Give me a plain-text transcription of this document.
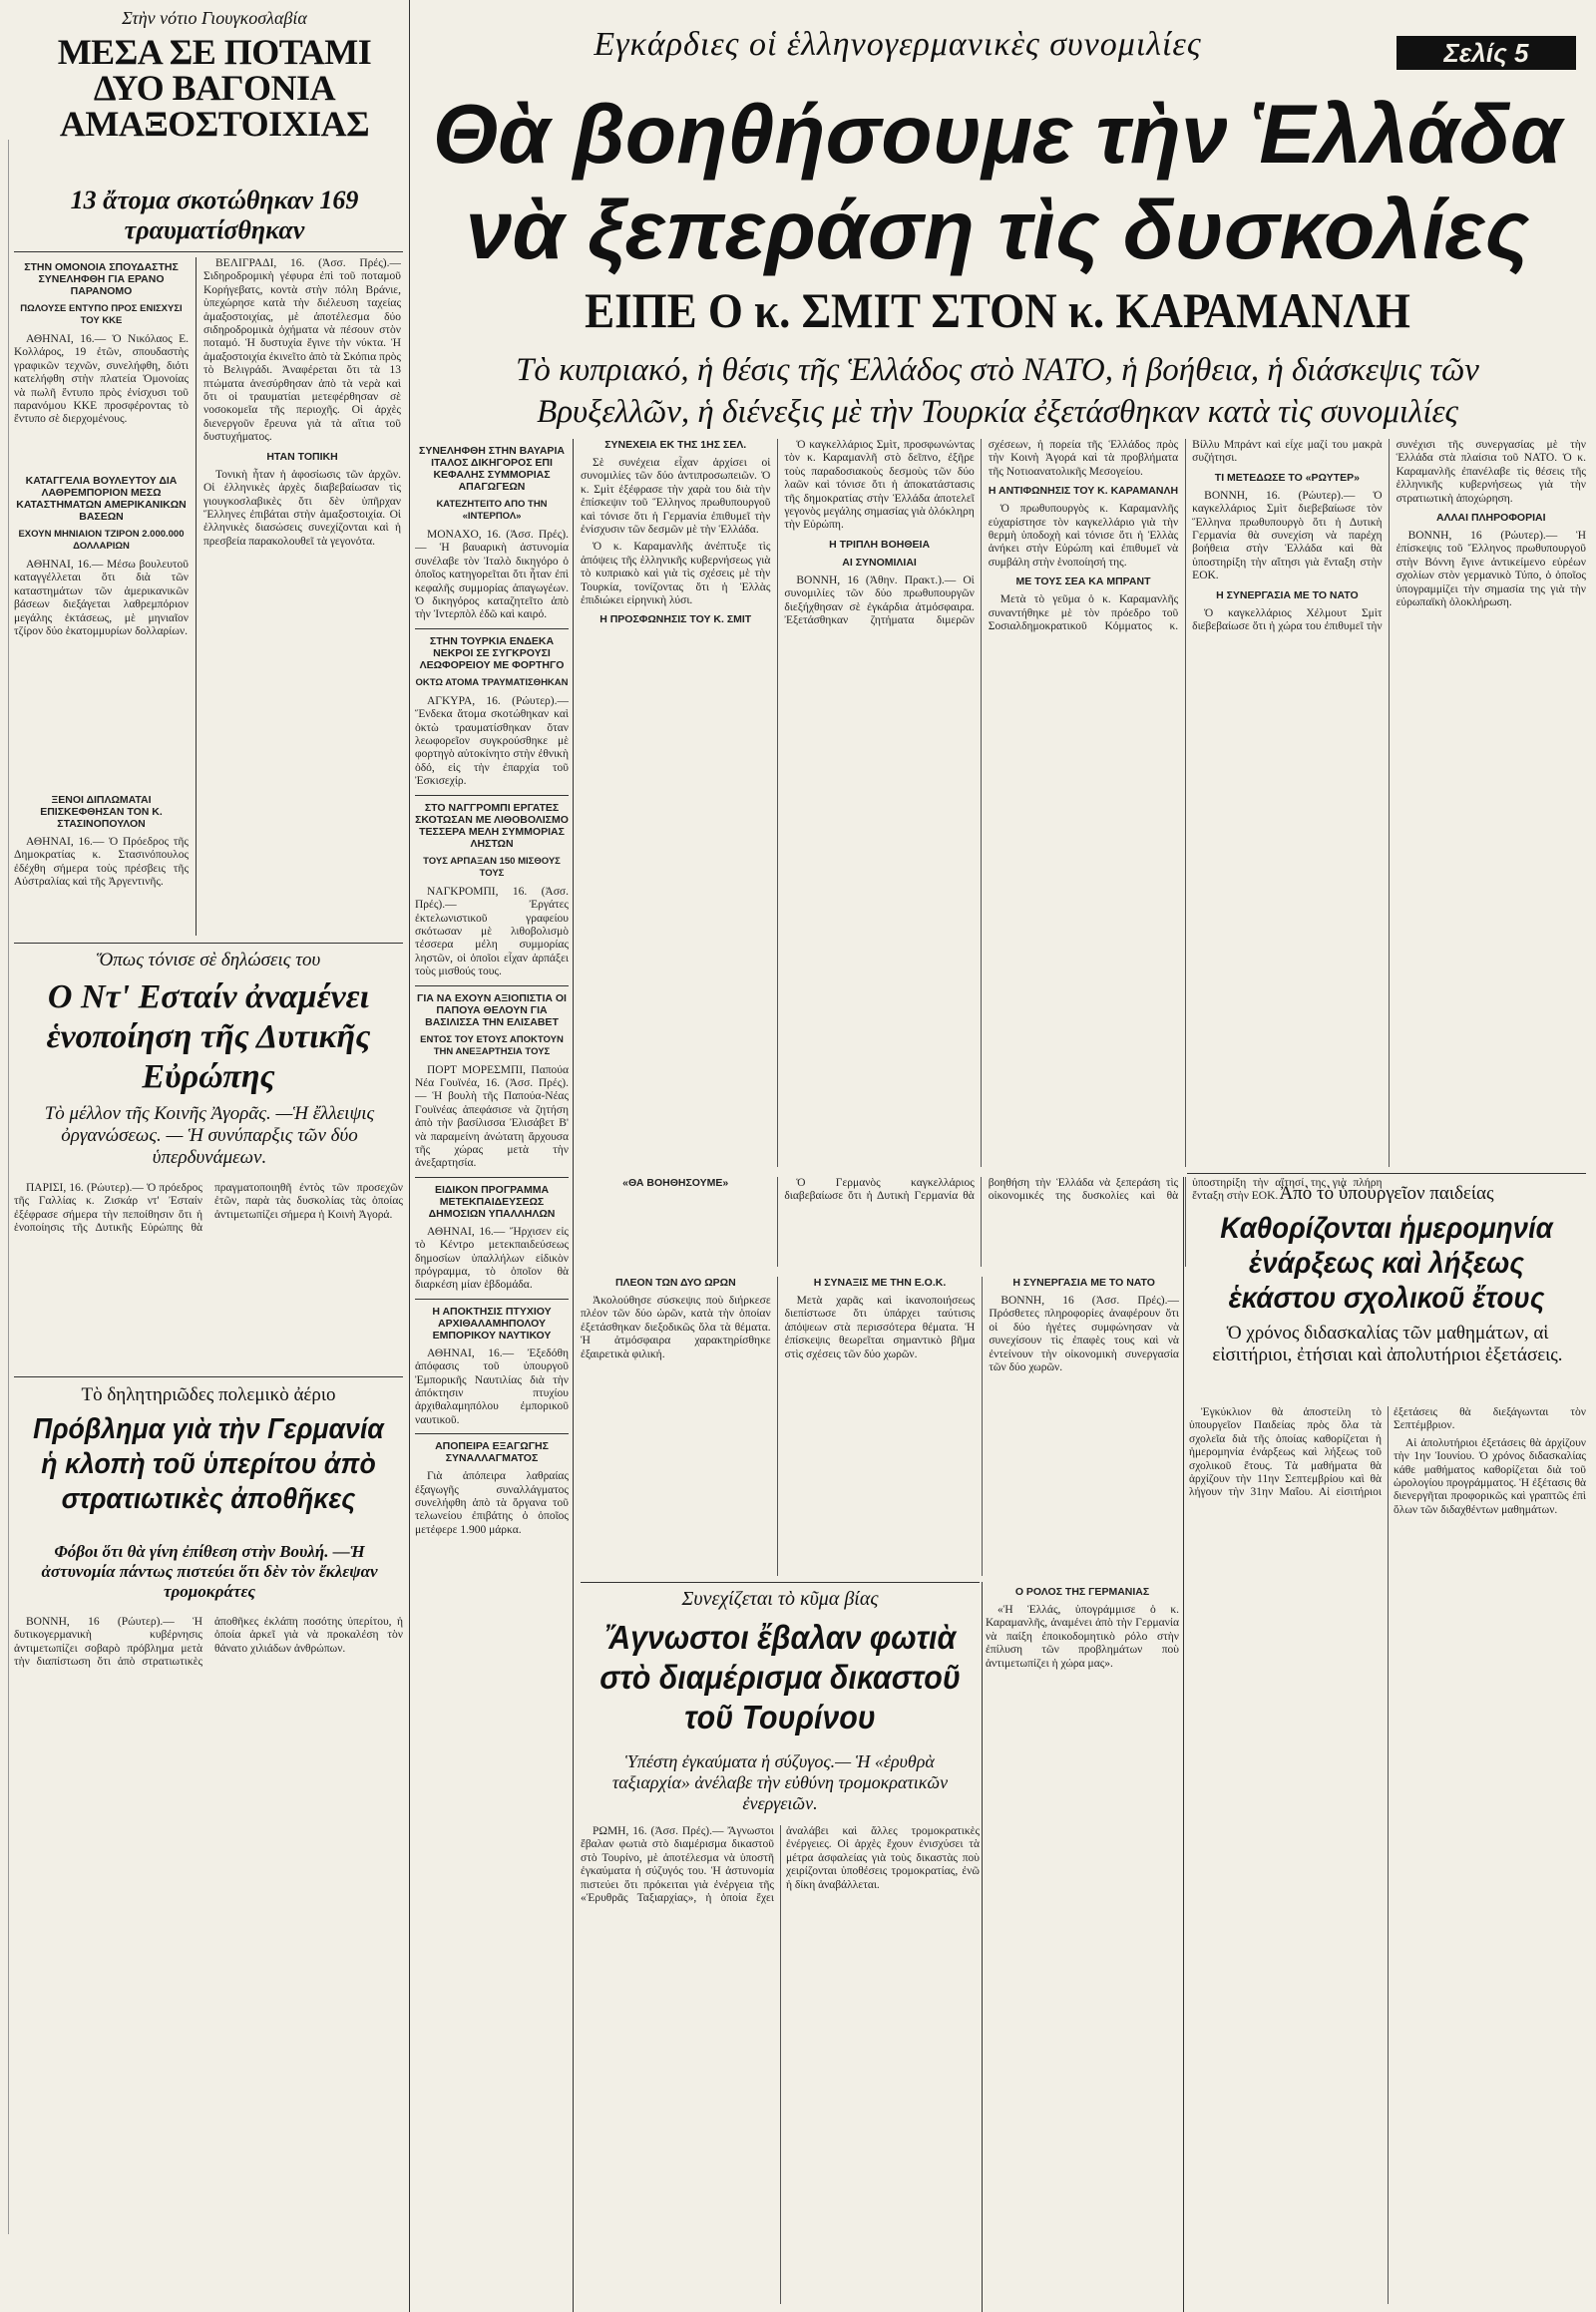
Στὴν νότιο Γιουγκοσλαβία
ΜΕΣΑ ΣΕ ΠΟΤΑΜΙ ΔΥΟ ΒΑΓΟΝΙΑ ΑΜΑΞΟΣΤΟΙΧΙΑΣ
13 ἄτομα σκοτώθηκαν 169 τραυματίσθηκαν
ΣΤΗΝ ΟΜΟΝΟΙΑ ΣΠΟΥΔΑΣΤΗΣ ΣΥΝΕΛΗΦΘΗ ΓΙΑ ΕΡΑΝΟ ΠΑΡΑΝΟΜΟ
ΠΩΛΟΥΣΕ ΕΝΤΥΠΟ ΠΡΟΣ ΕΝΙΣΧΥΣΙ ΤΟΥ ΚΚΕ

ΑΘΗΝΑΙ, 16.— Ὁ Νικόλαος Ε. Κολλάρος, 19 ἐτῶν, σπουδαστὴς γραφικῶν τεχνῶν, συνελήφθη, διότι κατελήφθη στὴν πλατεία Ὁμονοίας νὰ πωλῆ ἔντυπο πρὸς ἐνίσχυσι τοῦ παρανόμου ΚΚΕ προσφέροντας τὸ ἔντυπο σὲ διερχομένους.

ΚΑΤΑΓΓΕΛΙΑ ΒΟΥΛΕΥΤΟΥ ΔΙΑ ΛΑΘΡΕΜΠΟΡΙΟΝ ΜΕΣΩ ΚΑΤΑΣΤΗΜΑΤΩΝ ΑΜΕΡΙΚΑΝΙΚΩΝ ΒΑΣΕΩΝ
ΕΧΟΥΝ ΜΗΝΙΑΙΟΝ ΤΖΙΡΟΝ 2.000.000 ΔΟΛΛΑΡΙΩΝ

ΑΘΗΝΑΙ, 16.— Μέσω βουλευτοῦ καταγγέλλεται ὅτι διὰ τῶν καταστημάτων τῶν ἀμερικανικῶν βάσεων διεξάγεται λαθρεμπόριον μεγάλης ἐκτάσεως, μὲ μηνιαῖον τζίρον δύο ἑκατομμυρίων δολλαρίων.

ΞΕΝΟΙ ΔΙΠΛΩΜΑΤΑΙ ΕΠΙΣΚΕΦΘΗΣΑΝ ΤΟΝ Κ. ΣΤΑΣΙΝΟΠΟΥΛΟΝ

ΑΘΗΝΑΙ, 16.— Ὁ Πρόεδρος τῆς Δημοκρατίας κ. Στασινόπουλος ἐδέχθη σήμερα τοὺς πρέσβεις τῆς Αὐστραλίας καὶ τῆς Ἀργεντινῆς.

ΒΕΛΙΓΡΑΔΙ, 16. (Ἀσσ. Πρές).— Σιδηροδρομικὴ γέφυρα ἐπὶ τοῦ ποταμοῦ Κορήγεβατς, κοντὰ στὴν πόλη Βράνιε, ὑπεχώρησε κατὰ τὴν διέλευση ταχείας ἁμαξοστοιχίας, μὲ ἀποτέλεσμα δύο σιδηροδρομικὰ ὀχήματα νὰ πέσουν στὸν ποταμό. Ἡ δυστυχία ἔγινε τὴν νύκτα. Ἡ ἁμαξοστοιχία ἐκινεῖτο ἀπὸ τὰ Σκόπια πρὸς τὸ Βελιγράδι. Ἀναφέρεται ὅτι τὰ 13 πτώματα ἀνεσύρθησαν ἀπὸ τὰ νερὰ καὶ ὅτι οἱ τραυματίαι μετεφέρθησαν σὲ νοσοκομεῖα τῆς περιοχῆς. Οἱ ἀρχὲς διενεργοῦν ἔρευνα γιὰ τὰ αἴτια τοῦ δυστυχήματος.

ΗΤΑΝ ΤΟΠΙΚΗ

Τονικὴ ἦταν ἡ ἀφοσίωσις τῶν ἀρχῶν. Οἱ ἐλληνικὲς ἀρχὲς διαβεβαίωσαν τὶς γιουγκοσλαβικὲς ὅτι δὲν ὑπῆρχαν Ἕλληνες ἐπιβάται στὴν ἁμαξοστοιχία. Οἱ ἑλληνικὲς διασώσεις συνεχίζονται καὶ ἡ πρεσβεία παρακολουθεῖ τὰ γεγονότα.

Ὅπως τόνισε σὲ δηλώσεις του
Ο Ντ' Εσταίν ἀναμένει ἑνοποίηση τῆς Δυτικῆς Εὐρώπης
Τὸ μέλλον τῆς Κοινῆς Ἀγορᾶς. —Ἡ ἔλλειψις ὀργανώσεως. — Ἡ συνύπαρξις τῶν δύο ὑπερδυνάμεων.

ΠΑΡΙΣΙ, 16. (Ρώυτερ).— Ὁ πρόεδρος τῆς Γαλλίας κ. Ζισκάρ ντ' Ἐσταίν ἐξέφρασε σήμερα τὴν πεποίθησιν ὅτι ἡ ἑνοποίησις τῆς Δυτικῆς Εὐρώπης θὰ πραγματοποιηθῆ ἐντὸς τῶν προσεχῶν ἐτῶν, παρὰ τὰς δυσκολίας τὰς ὁποίας ἀντιμετωπίζει σήμερα ἡ Κοινὴ Ἀγορά.

Τὸ δηλητηριῶδες πολεμικὸ ἀέριο
Πρόβλημα γιὰ τὴν Γερμανία ἡ κλοπὴ τοῦ ὑπερίτου ἀπὸ στρατιωτικὲς ἀποθῆκες
Φόβοι ὅτι θὰ γίνη ἐπίθεση στὴν Βουλή. —Ἡ ἀστυνομία πάντως πιστεύει ὅτι δὲν τὸν ἔκλεψαν τρομοκράτες

ΒΟΝΝΗ, 16 (Ρώυτερ).— Ἡ δυτικογερμανικὴ κυβέρνησις ἀντιμετωπίζει σοβαρὸ πρόβλημα μετὰ τὴν διαπίστωση ὅτι ἀπὸ στρατιωτικὲς ἀποθῆκες ἐκλάπη ποσότης ὑπερίτου, ἡ ὁποία ἀρκεῖ γιὰ νὰ προκαλέση τὸν θάνατο χιλιάδων ἀνθρώπων.

Εγκάρδιες οἱ ἑλληνογερμανικὲς συνομιλίες	Σελίς 5
Θὰ βοηθήσουμε τὴν Ἑλλάδα
νὰ ξεπεράση τὶς δυσκολίες
ΕΙΠΕ Ο κ. ΣΜΙΤ ΣΤΟΝ κ. ΚΑΡΑΜΑΝΛΗ
Τὸ κυπριακό, ἡ θέσις τῆς Ἑλλάδος στὸ ΝΑΤΟ, ἡ βοήθεια, ἡ διάσκεψις τῶν Βρυξελλῶν, ἡ διένεξις μὲ τὴν Τουρκία ἐξετάσθηκαν κατὰ τὶς συνομιλίες
ΣΥΝΕΛΗΦΘΗ ΣΤΗΝ ΒΑΥΑΡΙΑ ΙΤΑΛΟΣ ΔΙΚΗΓΟΡΟΣ ΕΠΙ ΚΕΦΑΛΗΣ ΣΥΜΜΟΡΙΑΣ ΑΠΑΓΩΓΕΩΝ
ΚΑΤΕΖΗΤΕΙΤΟ ΑΠΟ ΤΗΝ «ΙΝΤΕΡΠΟΛ»

ΜΟΝΑΧΟ, 16. (Ἀσσ. Πρές).— Ἡ βαυαρικὴ ἀστυνομία συνέλαβε τὸν Ἰταλὸ δικηγόρο ὁ ὁποῖος κατηγορεῖται ὅτι ἦταν ἐπὶ κεφαλῆς συμμορίας ἀπαγωγέων. Ὁ δικηγόρος καταζητεῖτο ἀπὸ τὴν Ἰντερπὸλ ἐδῶ καὶ καιρό.

ΣΤΗΝ ΤΟΥΡΚΙΑ ΕΝΔΕΚΑ ΝΕΚΡΟΙ ΣΕ ΣΥΓΚΡΟΥΣΙ ΛΕΩΦΟΡΕΙΟΥ ΜΕ ΦΟΡΤΗΓΟ
ΟΚΤΩ ΑΤΟΜΑ ΤΡΑΥΜΑΤΙΣΘΗΚΑΝ

ΑΓΚΥΡΑ, 16. (Ρώυτερ).— Ἕνδεκα ἄτομα σκοτώθηκαν καὶ ὀκτὼ τραυματίσθηκαν ὅταν λεωφορεῖον συγκρούσθηκε μὲ φορτηγὸ αὐτοκίνητο στὴν ἐθνικὴ ὁδό, εἰς τὴν ἐπαρχία τοῦ Ἐσκισεχίρ.

ΣΤΟ ΝΑΓΓΡΟΜΠΙ ΕΡΓΑΤΕΣ ΣΚΟΤΩΣΑΝ ΜΕ ΛΙΘΟΒΟΛΙΣΜΟ ΤΕΣΣΕΡΑ ΜΕΛΗ ΣΥΜΜΟΡΙΑΣ ΛΗΣΤΩΝ
ΤΟΥΣ ΑΡΠΑΞΑΝ 150 ΜΙΣΘΟΥΣ ΤΟΥΣ

ΝΑΓΚΡΟΜΠΙ, 16. (Ἀσσ. Πρές).— Ἐργάτες ἐκτελωνιστικοῦ γραφείου σκότωσαν μὲ λιθοβολισμὸ τέσσερα μέλη συμμορίας ληστῶν, οἱ ὁποῖοι εἶχαν ἁρπάξει τοὺς μισθούς τους.

ΓΙΑ ΝΑ ΕΧΟΥΝ ΑΞΙΟΠΙΣΤΙΑ ΟΙ ΠΑΠΟΥΑ ΘΕΛΟΥΝ ΓΙΑ ΒΑΣΙΛΙΣΣΑ ΤΗΝ ΕΛΙΣΑΒΕΤ
ΕΝΤΟΣ ΤΟΥ ΕΤΟΥΣ ΑΠΟΚΤΟΥΝ ΤΗΝ ΑΝΕΞΑΡΤΗΣΙΑ ΤΟΥΣ

ΠΟΡΤ ΜΟΡΕΣΜΠΙ, Παπούα Νέα Γουϊνέα, 16. (Ἀσσ. Πρές).— Ἡ βουλὴ τῆς Παπούα-Νέας Γουϊνέας ἀπεφάσισε νὰ ζητήση ἀπὸ τὴν βασίλισσα Ἐλισάβετ Β' νὰ παραμείνη ἀνώτατη ἄρχουσα τῆς χώρας μετὰ τὴν ἀνεξαρτησία.

ΕΙΔΙΚΟΝ ΠΡΟΓΡΑΜΜΑ ΜΕΤΕΚΠΑΙΔΕΥΣΕΩΣ ΔΗΜΟΣΙΩΝ ΥΠΑΛΛΗΛΩΝ

ΑΘΗΝΑΙ, 16.— Ἤρχισεν εἰς τὸ Κέντρο μετεκπαιδεύσεως δημοσίων ὑπαλλήλων εἰδικὸν πρόγραμμα, τὸ ὁποῖον θὰ διαρκέση μίαν ἑβδομάδα.

Η ΑΠΟΚΤΗΣΙΣ ΠΤΥΧΙΟΥ ΑΡΧΙΘΑΛΑΜΗΠΟΛΟΥ ΕΜΠΟΡΙΚΟΥ ΝΑΥΤΙΚΟΥ

ΑΘΗΝΑΙ, 16.— Ἐξεδόθη ἀπόφασις τοῦ ὑπουργοῦ Ἐμπορικῆς Ναυτιλίας διὰ τὴν ἀπόκτησιν πτυχίου ἀρχιθαλαμηπόλου ἐμπορικοῦ ναυτικοῦ.

ΑΠΟΠΕΙΡΑ ΕΞΑΓΩΓΗΣ ΣΥΝΑΛΛΑΓΜΑΤΟΣ

Γιὰ ἀπόπειρα λαθραίας ἐξαγωγῆς συναλλάγματος συνελήφθη ἀπὸ τὰ ὄργανα τοῦ τελωνείου ἐπιβάτης ὁ ὁποῖος μετέφερε 1.900 μάρκα.

ΣΥΝΕΧΕΙΑ ΕΚ ΤΗΣ 1ΗΣ ΣΕΛ.

Σὲ συνέχεια εἶχαν ἀρχίσει οἱ συνομιλίες τῶν δύο ἀντιπροσωπειῶν. Ὁ κ. Σμὶτ ἐξέφρασε τὴν χαρὰ του διὰ τὴν ἐπίσκεψιν τοῦ Ἕλληνος πρωθυπουργοῦ καὶ τόνισε ὅτι ἡ Γερμανία ἐπιθυμεῖ τὴν ἐνίσχυσιν τῶν δεσμῶν μὲ τὴν Ἑλλάδα.

Ὁ κ. Καραμανλῆς ἀνέπτυξε τὶς ἀπόψεις τῆς ἑλληνικῆς κυβερνήσεως γιὰ τὸ κυπριακὸ καὶ γιὰ τὶς σχέσεις μὲ τὴν Τουρκία, τονίζοντας ὅτι ἡ Ἑλλὰς ἐπιδιώκει εἰρηνικὴ λύσι.

Η ΠΡΟΣΦΩΝΗΣΙΣ ΤΟΥ Κ. ΣΜΙΤ

Ὁ καγκελλάριος Σμὶτ, προσφωνώντας τὸν κ. Καραμανλῆ στὸ δεῖπνο, ἐξῆρε τοὺς παραδοσιακοὺς δεσμοὺς τῶν δύο λαῶν καὶ τόνισε ὅτι ἡ ἀποκατάστασις τῆς δημοκρατίας στὴν Ἑλλάδα ἀποτελεῖ γεγονὸς μεγάλης σημασίας γιὰ ὁλόκληρη τὴν Εὐρώπη.

Η ΤΡΙΠΛΗ ΒΟΗΘΕΙΑ
ΑΙ ΣΥΝΟΜΙΛΙΑΙ

ΒΟΝΝΗ, 16 (Ἀθην. Πρακτ.).— Οἱ συνομιλίες τῶν δύο πρωθυπουργῶν διεξήχθησαν σὲ ἐγκάρδια ἀτμόσφαιρα. Ἐξετάσθηκαν ζητήματα διμερῶν σχέσεων, ἡ πορεία τῆς Ἑλλάδος πρὸς τὴν Κοινὴ Ἀγορά καὶ τὰ προβλήματα τῆς Νοτιοανατολικῆς Μεσογείου.

Η ΑΝΤΙΦΩΝΗΣΙΣ ΤΟΥ Κ. ΚΑΡΑΜΑΝΛΗ

Ὁ πρωθυπουργὸς κ. Καραμανλῆς εὐχαρίστησε τὸν καγκελλάριο γιὰ τὴν θερμὴ ὑποδοχὴ καὶ τόνισε ὅτι ἡ Ἑλλὰς ἀνήκει στὴν Εὐρώπη καὶ ἐπιθυμεῖ νὰ συμβάλη στὴν ἑνοποίησή της.

ΜΕ ΤΟΥΣ ΣΕΑ ΚΑ ΜΠΡΑΝΤ

Μετὰ τὸ γεῦμα ὁ κ. Καραμανλῆς συναντήθηκε μὲ τὸν πρόεδρο τοῦ Σοσιαλδημοκρατικοῦ Κόμματος κ. Βίλλυ Μπράντ καὶ εἶχε μαζί του μακρὰ συζήτησι.

ΤΙ ΜΕΤΕΔΩΣΕ ΤΟ «ΡΩΥΤΕΡ»

ΒΟΝΝΗ, 16. (Ρώυτερ).— Ὁ καγκελλάριος Σμὶτ διεβεβαίωσε τὸν Ἕλληνα πρωθυπουργὸ ὅτι ἡ Δυτικὴ Γερμανία θὰ συνεχίση νὰ παρέχη βοήθεια στὴν Ἑλλάδα καὶ θὰ ὑποστηρίξη τὴν αἴτησι γιὰ ἔνταξη στὴν ΕΟΚ.

Η ΣΥΝΕΡΓΑΣΙΑ ΜΕ ΤΟ ΝΑΤΟ

Ὁ καγκελλάριος Χέλμουτ Σμὶτ διεβεβαίωσε ὅτι ἡ χώρα του ἐπιθυμεῖ τὴν συνέχισι τῆς συνεργασίας μὲ τὴν Ἑλλάδα στὰ πλαίσια τοῦ ΝΑΤΟ. Ὁ κ. Καραμανλῆς ἐπανέλαβε τὶς θέσεις τῆς ἑλληνικῆς κυβερνήσεως γιὰ τὴν στρατιωτικὴ ἀποχώρηση.

ΑΛΛΑΙ ΠΛΗΡΟΦΟΡΙΑΙ

ΒΟΝΝΗ, 16 (Ρώυτερ).— Ἡ ἐπίσκεψις τοῦ Ἕλληνος πρωθυπουργοῦ στὴν Βόννη ἔγινε ἀντικείμενο εὐρέων σχολίων στὸν γερμανικὸ Τύπο, ὁ ὁποῖος ὑπογραμμίζει τὴν σημασία της γιὰ τὴν εὐρωπαϊκὴ ὁλοκλήρωση.

«ΘΑ ΒΟΗΘΗΣΟΥΜΕ»	Ὁ Γερμανὸς καγκελλάριος διαβεβαίωσε ὅτι ἡ Δυτικὴ Γερμανία θὰ βοηθήση τὴν Ἑλλάδα νὰ ξεπεράση τὶς οἰκονομικές της δυσκολίες καὶ θὰ ὑποστηρίξη τὴν αἴτησί της γιὰ πλήρη ἔνταξη στὴν ΕΟΚ.

ΠΛΕΟΝ ΤΩΝ ΔΥΟ ΩΡΩΝ

Ἀκολούθησε σύσκεψις ποὺ διήρκεσε πλέον τῶν δύο ὡρῶν, κατὰ τὴν ὁποίαν ἐξετάσθηκαν διεξοδικῶς ὅλα τὰ θέματα. Ἡ ἀτμόσφαιρα χαρακτηρίσθηκε ἐξαιρετικὰ φιλική.

Η ΣΥΝΑΞΙΣ ΜΕ ΤΗΝ Ε.Ο.Κ.

Μετὰ χαρᾶς καὶ ἱκανοποιήσεως διεπίστωσε ὅτι ὑπάρχει ταύτισις ἀπόψεων στὰ περισσότερα θέματα. Ἡ ἐπίσκεψις θεωρεῖται σημαντικὸ βῆμα στὶς σχέσεις τῶν δύο χωρῶν.

Η ΣΥΝΕΡΓΑΣΙΑ ΜΕ ΤΟ ΝΑΤΟ

ΒΟΝΝΗ, 16 (Ἀσσ. Πρές).— Πρόσθετες πληροφορίες ἀναφέρουν ὅτι οἱ δύο ἡγέτες συμφώνησαν νὰ συνεχίσουν τὶς ἐπαφὲς τους καὶ νὰ ἐντείνουν τὴν οἰκονομικὴ συνεργασία τῶν δύο χωρῶν.

Ο ΡΟΛΟΣ ΤΗΣ ΓΕΡΜΑΝΙΑΣ

«Ἡ Ἑλλάς, ὑπογράμμισε ὁ κ. Καραμανλῆς, ἀναμένει ἀπὸ τὴν Γερμανία νὰ παίξη ἐποικοδομητικὸ ρόλο στὴν ἐπίλυση τῶν προβλημάτων ποὺ ἀντιμετωπίζει ἡ χώρα μας».

Συνεχίζεται τὸ κῦμα βίας
Ἄγνωστοι ἔβαλαν φωτιὰ στὸ διαμέρισμα δικαστοῦ τοῦ Τουρίνου
Ὑπέστη ἐγκαύματα ἡ σύζυγος.— Ἡ «ἐρυθρὰ ταξιαρχία» ἀνέλαβε τὴν εὐθύνη τρομοκρατικῶν ἐνεργειῶν.

ΡΩΜΗ, 16. (Ἀσσ. Πρές).— Ἄγνωστοι ἔβαλαν φωτιὰ στὸ διαμέρισμα δικαστοῦ στὸ Τουρίνο, μὲ ἀποτέλεσμα νὰ ὑποστῆ ἐγκαύματα ἡ σύζυγός του. Ἡ ἀστυνομία πιστεύει ὅτι πρόκειται γιὰ ἐνέργεια τῆς «Ἐρυθρᾶς Ταξιαρχίας», ἡ ὁποία ἔχει ἀναλάβει καὶ ἄλλες τρομοκρατικὲς ἐνέργειες. Οἱ ἀρχὲς ἔχουν ἐνισχύσει τὰ μέτρα ἀσφαλείας γιὰ τοὺς δικαστὰς ποὺ χειρίζονται ὑποθέσεις τρομοκρατίας, ἐνῶ ἡ δίκη ἀναβάλλεται.

Ἀπὸ τὸ ὑπουργεῖον παιδείας
Καθορίζονται ἡμερομηνία ἐνάρξεως καὶ λήξεως ἑκάστου σχολικοῦ ἔτους
Ὁ χρόνος διδασκαλίας τῶν μαθημάτων, αἱ εἰσιτήριοι, ἐτήσιαι καὶ ἀπολυτήριοι ἐξετάσεις.

Ἐγκύκλιον θὰ ἀποστείλη τὸ ὑπουργεῖον Παιδείας πρὸς ὅλα τὰ σχολεῖα διὰ τῆς ὁποίας καθορίζεται ἡ ἡμερομηνία ἐνάρξεως καὶ λήξεως τοῦ σχολικοῦ ἔτους. Τὰ μαθήματα θὰ ἀρχίζουν τὴν 11ην Σεπτεμβρίου καὶ θὰ λήγουν τὴν 31ην Μαΐου. Αἱ εἰσιτήριοι ἐξετάσεις θὰ διεξάγωνται τὸν Σεπτέμβριον.

Αἱ ἀπολυτήριοι ἐξετάσεις θὰ ἀρχίζουν τὴν 1ην Ἰουνίου. Ὁ χρόνος διδασκαλίας κάθε μαθήματος καθορίζεται διὰ τοῦ ὡρολογίου προγράμματος. Ἡ ἐξέτασις θὰ διενεργῆται προφορικῶς καὶ γραπτῶς ἐπὶ ὅλων τῶν διδαχθέντων μαθημάτων.
